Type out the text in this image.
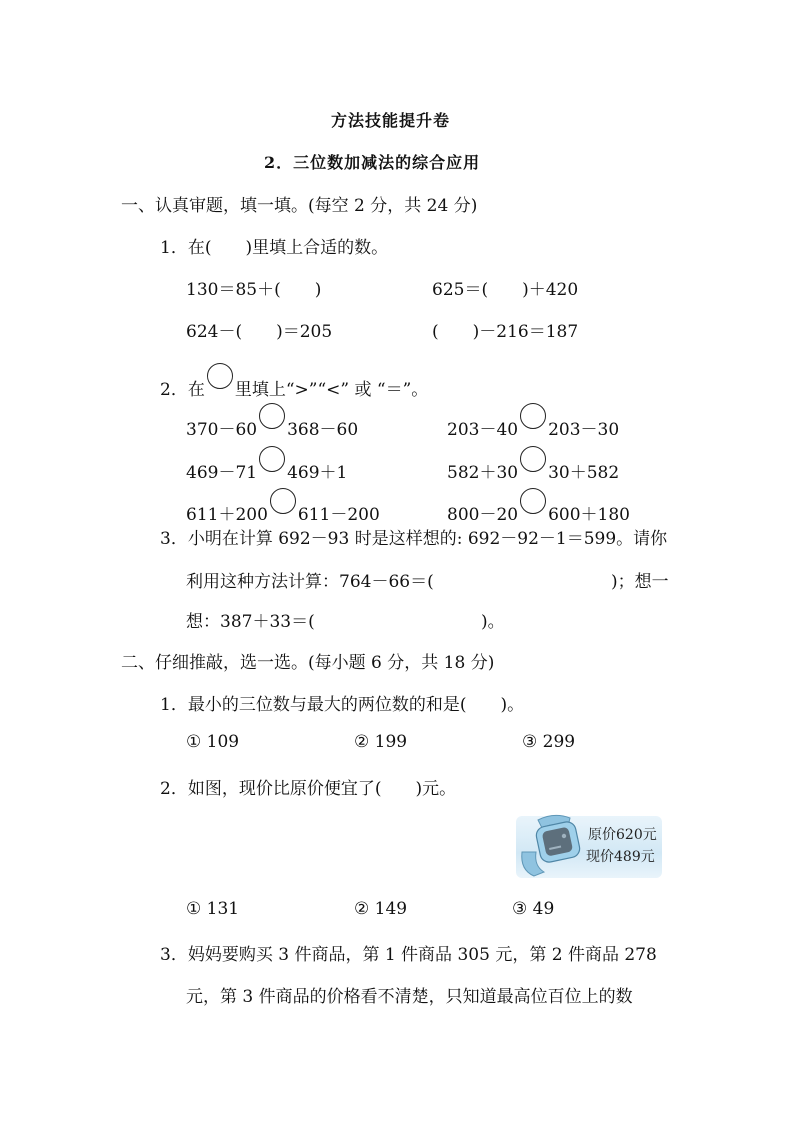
方法技能提升卷
2．三位数加减法的综合应用
一、认真审题，填一填。(每空 2 分，共 24 分)
1．在(　　)里填上合适的数。
130＝85＋(　　)	625＝(　　)＋420
624－(　　)＝205	(　　)－216＝187
2．在 里填上“>”“<” 或 “＝”。
370－60 368－60	203－40 203－30
469－71 469＋1	582＋30 30＋582
611＋200 611－200	800－20 600＋180
3．小明在计算 692－93 时是这样想的: 692－92－1＝599。请你
利用这种方法计算：764－66＝(	)；想一
想：387＋33＝(	)。
二、仔细推敲，选一选。(每小题 6 分，共 18 分)
1．最小的三位数与最大的两位数的和是(　　)。
① 109	② 199	③ 299
2．如图，现价比原价便宜了(　　)元。
原价620元
现价489元
① 131	② 149	③ 49
3．妈妈要购买 3 件商品，第 1 件商品 305 元，第 2 件商品 278
元，第 3 件商品的价格看不清楚，只知道最高位百位上的数
